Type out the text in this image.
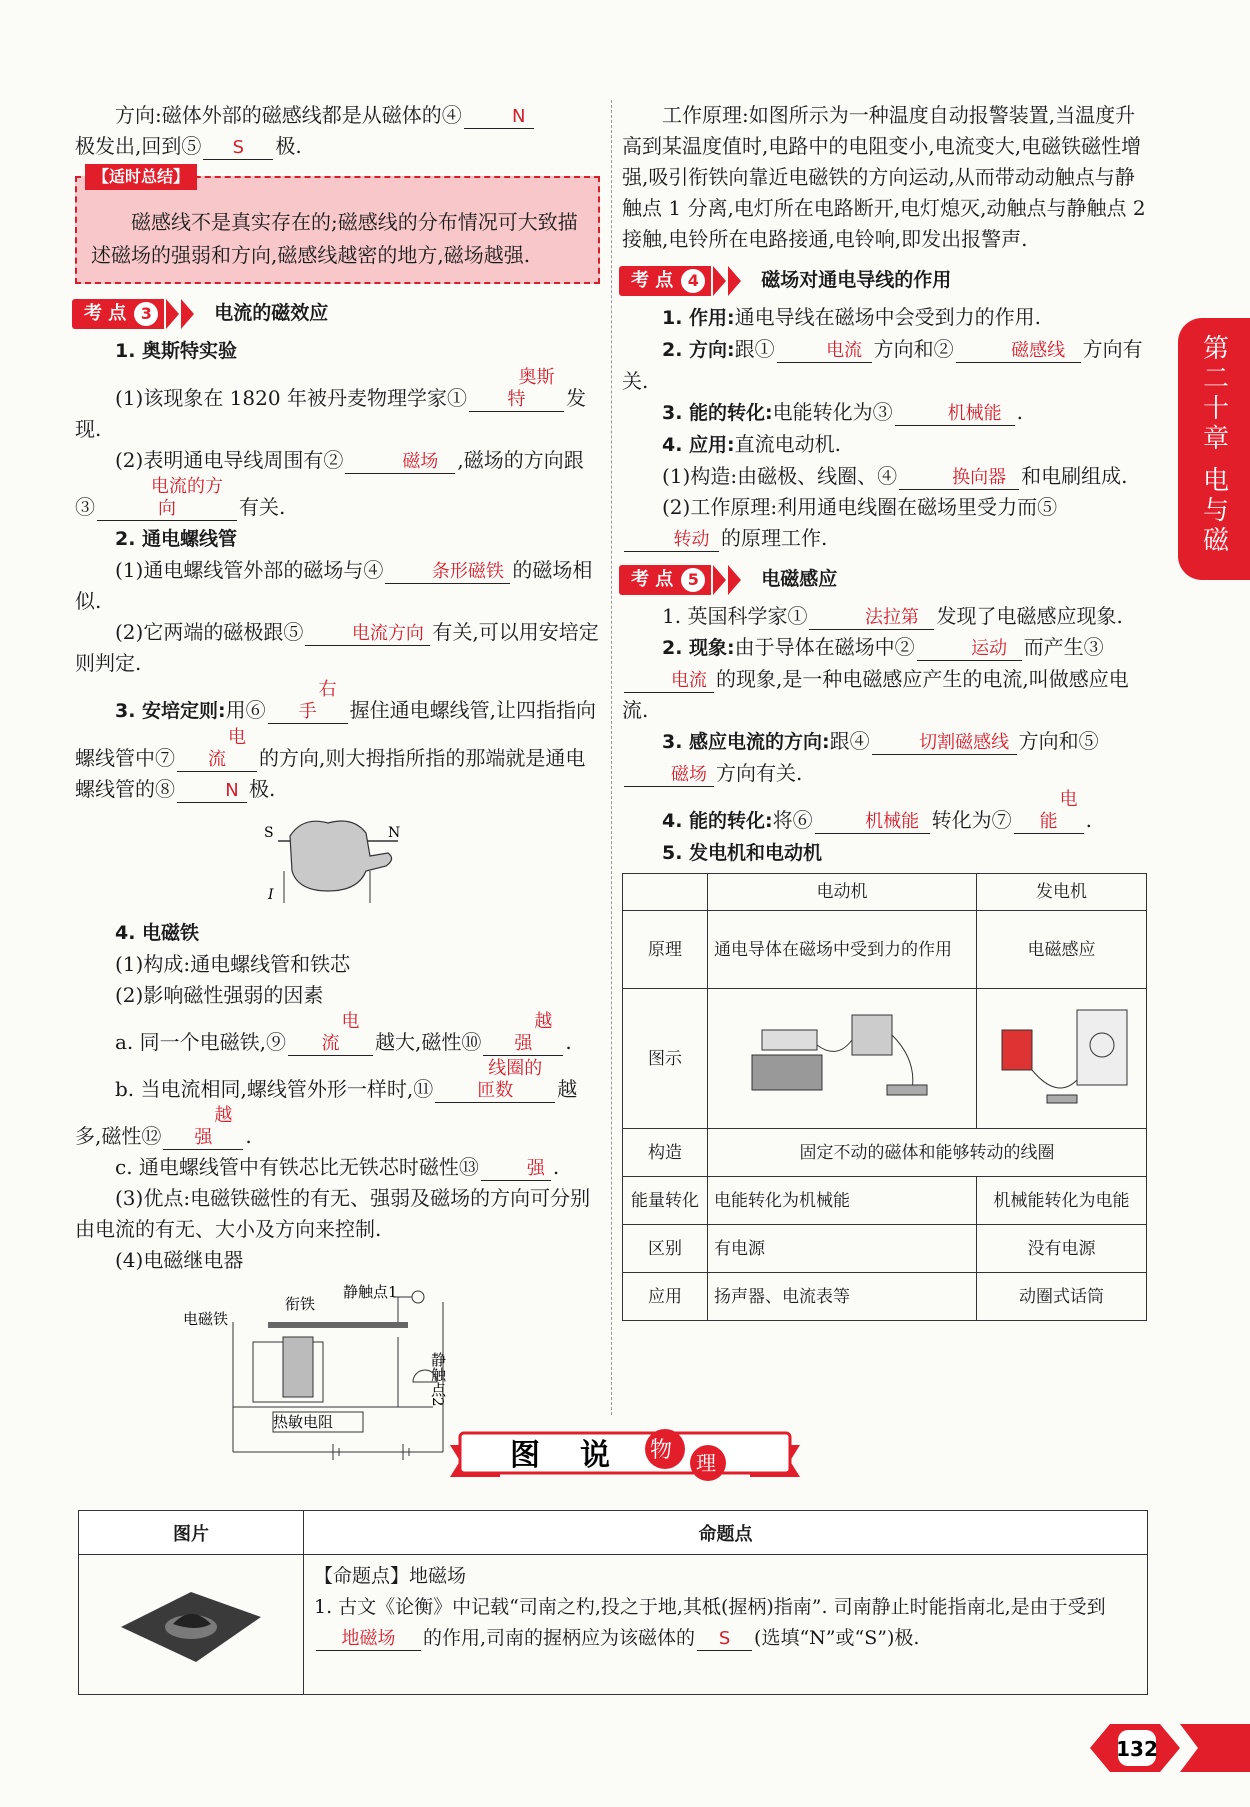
方向:磁体外部的磁感线都是从磁体的④	N

极发出,回到⑤ S 极.

【适时总结】
磁感线不是真实存在的;磁感线的分布情况可大致描述磁场的强弱和方向,磁感线越密的地方,磁场越强.
考 点 3	电流的磁效应

1. 奥斯特实验

(1)该现象在 1820 年被丹麦物理学家①奥斯特 发现.

(2)表明通电导线周围有②	磁场 ,磁场的方向跟③电流的方向	有关.

2. 通电螺线管

(1)通电螺线管外部的磁场与④	条形磁铁 的磁场相似.

(2)它两端的磁极跟⑤	电流方向 有关,可以用安培定则判定.

3. 安培定则:用⑥右手 握住通电螺线管,让四指指向螺线管中⑦电流 的方向,则大拇指所指的那端就是通电螺线管的⑧	N 极.

S	N
I

4. 电磁铁

(1)构成:通电螺线管和铁芯

(2)影响磁性强弱的因素

a. 同一个电磁铁,⑨电流 越大,磁性⑩越强 .

b. 当电流相同,螺线管外形一样时,⑪线圈的匝数 越多,磁性⑫越强 .

c. 通电螺线管中有铁芯比无铁芯时磁性⑬	强 .

(3)优点:电磁铁磁性的有无、强弱及磁场的方向可分别由电流的有无、大小及方向来控制.

(4)电磁继电器

电磁铁
衔铁
静触点1
静触点2
热敏电阻

工作原理:如图所示为一种温度自动报警装置,当温度升高到某温度值时,电路中的电阻变小,电流变大,电磁铁磁性增强,吸引衔铁向靠近电磁铁的方向运动,从而带动动触点与静触点 1 分离,电灯所在电路断开,电灯熄灭,动触点与静触点 2 接触,电铃所在电路接通,电铃响,即发出报警声.

考 点 4	磁场对通电导线的作用

1. 作用:通电导线在磁场中会受到力的作用.

2. 方向:跟①	电流 方向和②	磁感线 方向有关.

3. 能的转化:电能转化为③	机械能 .

4. 应用:直流电动机.

(1)构造:由磁极、线圈、④	换向器 和电刷组成.

(2)工作原理:利用通电线圈在磁场里受力而⑤转动 的原理工作.

考 点 5	电磁感应

1. 英国科学家①	法拉第 发现了电磁感应现象.

2. 现象:由于导体在磁场中②	运动 而产生③电流 的现象,是一种电磁感应产生的电流,叫做感应电流.

3. 感应电流的方向:跟④	切割磁感线 方向和⑤磁场 方向有关.

4. 能的转化:将⑥	机械能 转化为⑦电能 .

5. 发电机和电动机

	电动机	发电机
原理	通电导体在磁场中受到力的作用	电磁感应
图示		
构造	固定不动的磁体和能够转动的线圈	
能量转化	电能转化为机械能	机械能转化为电能
区别	有电源	没有电源
应用	扬声器、电流表等	动圈式话筒
第二十章 电与磁
图 说 物 理
图片	命题点

【命题点】地磁场
1. 古文《论衡》中记载“司南之杓,投之于地,其柢(握柄)指南”. 司南静止时能指南北,是由于受到地磁场 的作用,司南的握柄应为该磁体的 S (选填“N”或“S”)极.
132
